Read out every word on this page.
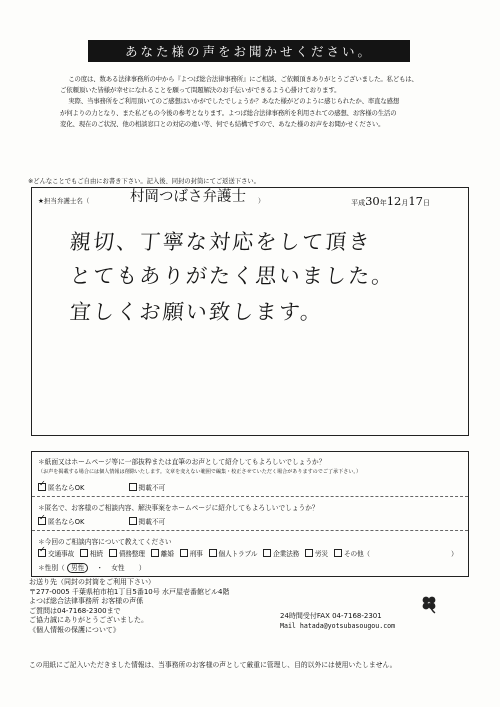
あなた様の声をお聞かせください。

この度は、数ある法律事務所の中から『よつば総合法律事務所』にご相談、ご依頼頂きありがとうございました。私どもは、

ご依頼頂いた皆様が幸せになれることを願って問題解決のお手伝いができるよう心掛けております。

実際、当事務所をご利用頂いてのご感想はいかがでしたでしょうか？あなた様がどのように感じられたか、率直な感想

が何よりの力となり、また私どもの今後の参考となります。よつば総合法律事務所を利用されての感想、お客様の生活の

変化、現在のご状況、他の相談窓口との対応の違い等、何でも結構ですので、あなた様のお声をお聞かせください。

※どんなことでもご自由にお書き下さい。記入後、同封の封筒にてご返送下さい。
★担当弁護士名（	村岡つばさ弁護士 ）	平成30年12月17日
親切、丁寧な対応をして頂き
とてもありがたく思いました。
宜しくお願い致します。
＊紙面又はホームページ等に一部抜粋または直筆のお声として紹介してもよろしいでしょうか？
（お声を掲載する場合には個人情報は削除いたします。文章を変えない範囲で編集・校正させていただく場合がありますのでご了承下さい。）
✓匿名ならOK	掲載不可
＊匿名で、お客様のご相談内容、解決事案をホームページに紹介してもよろしいでしょうか？
✓匿名ならOK	掲載不可
＊今回のご相談内容について教えてください
✓交通事故 相続 債務整理 離婚 刑事 個人トラブル 企業法務 労災 その他（	）
＊性別（ 男性 ・ 女性 ）
お送り先（同封の封筒をご利用下さい）
〒277-0005 千葉県柏市柏1丁目5番10号 水戸屋壱番館ビル4階
よつば総合法律事務所 お客様の声係
ご質問は04-7168-2300まで
ご協力誠にありがとうございました。
《個人情報の保護について》
24時間受付FAX 04-7168-2301
Mail hatada@yotsubasougou.com
この用紙にご記入いただきました情報は、当事務所のお客様の声として厳重に管理し、目的以外には使用いたしません。
